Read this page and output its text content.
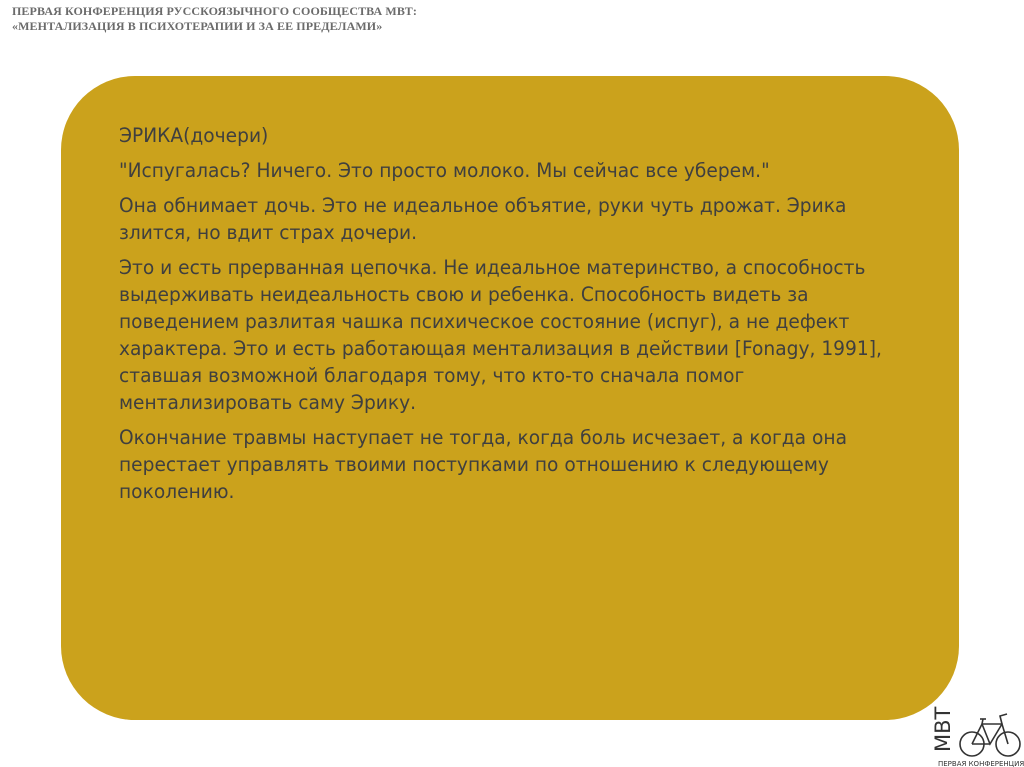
ПЕРВАЯ КОНФЕРЕНЦИЯ РУССКОЯЗЫЧНОГО СООБЩЕСТВА МВТ:
«МЕНТАЛИЗАЦИЯ В ПСИХОТЕРАПИИ И ЗА ЕЕ ПРЕДЕЛАМИ»

ЭРИКА(дочери)

"Испугалась? Ничего. Это просто молоко. Мы сейчас все уберем."

Она обнимает дочь. Это не идеальное объятие, руки чуть дрожат. Эрика злится, но вдит страх дочери.

Это и есть прерванная цепочка. Не идеальное материнство, а способность выдерживать неидеальность свою и ребенка. Способность видеть за поведением разлитая чашка психическое состояние (испуг), а не дефект характера. Это и есть работающая ментализация в действии [Fonagy, 1991], ставшая возможной благодаря тому, что кто-то сначала помог ментализировать саму Эрику.

Окончание травмы наступает не тогда, когда боль исчезает, а когда она перестает управлять твоими поступками по отношению к следующему поколению.

МВТ
ПЕРВАЯ КОНФЕРЕНЦИЯ
